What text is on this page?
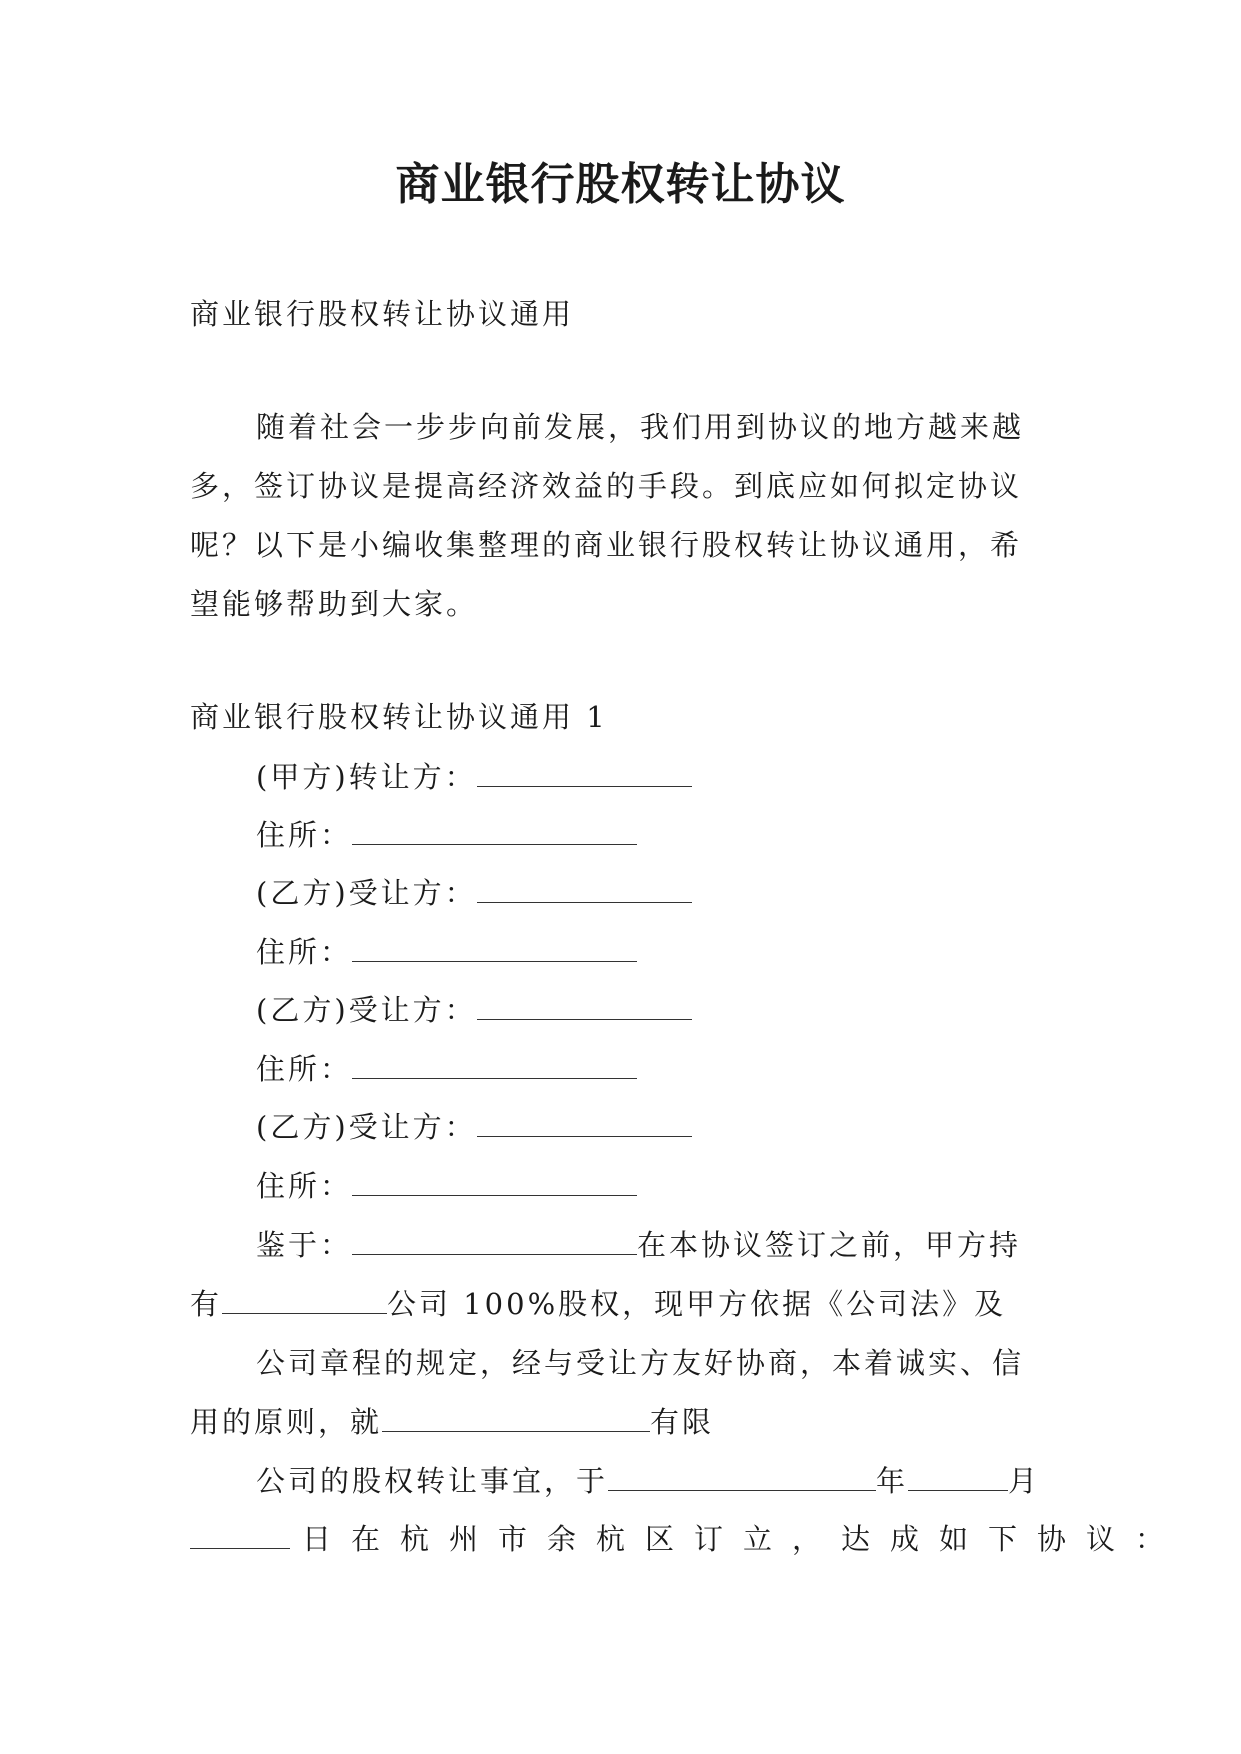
商业银行股权转让协议
商业银行股权转让协议通用
随着社会一步步向前发展，我们用到协议的地方越来越
多，签订协议是提高经济效益的手段。到底应如何拟定协议
呢？以下是小编收集整理的商业银行股权转让协议通用，希
望能够帮助到大家。
商业银行股权转让协议通用 1
(甲方)转让方：
住所：
(乙方)受让方：
住所：
(乙方)受让方：
住所：
(乙方)受让方：
住所：
鉴于：	在本协议签订之前，甲方持
有	公司 100%股权，现甲方依据《公司法》及
公司章程的规定，经与受让方友好协商，本着诚实、信
用的原则，就	有限
公司的股权转让事宜，于	年	月
日在杭州市余杭区订立，达成如下协议：
